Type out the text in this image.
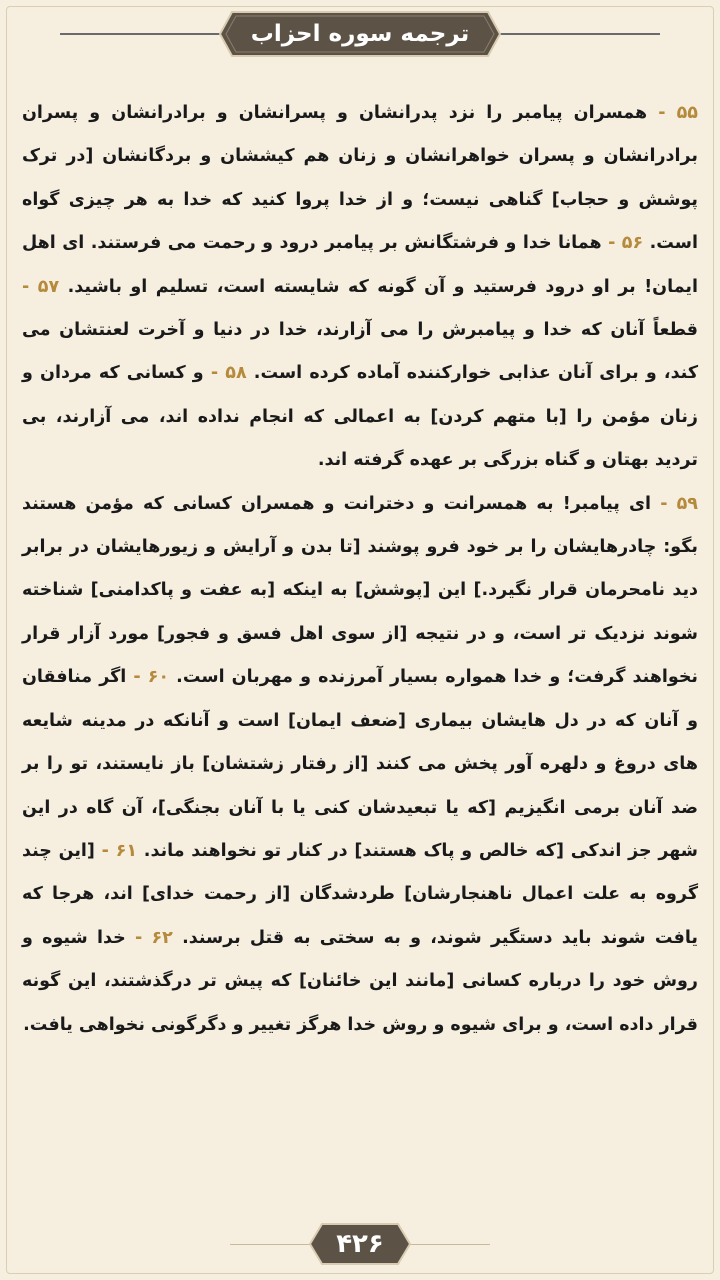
ترجمه سوره احزاب
۵۵ - همسران پیامبر را نزد پدرانشان و پسرانشان و برادرانشان و پسران برادرانشان و پسران خواهرانشان و زنان هم کیششان و بردگانشان [در ترک پوشش و حجاب] گناهی نیست؛ و از خدا پروا کنید که خدا به هر چیزی گواه است. ۵۶ - همانا خدا و فرشتگانش بر پیامبر درود و رحمت می فرستند. ای اهل ایمان! بر او درود فرستید و آن گونه که شایسته است، تسلیم او باشید. ۵۷ - قطعاً آنان که خدا و پیامبرش را می آزارند، خدا در دنیا و آخرت لعنتشان می کند، و برای آنان عذابی خوارکننده آماده کرده است. ۵۸ - و کسانی که مردان و زنان مؤمن را [با متهم کردن] به اعمالی که انجام نداده اند، می آزارند، بی تردید بهتان و گناه بزرگی بر عهده گرفته اند.
۵۹ - ای پیامبر! به همسرانت و دخترانت و همسران کسانی که مؤمن هستند بگو: چادرهایشان را بر خود فرو پوشند [تا بدن و آرایش و زیورهایشان در برابر دید نامحرمان قرار نگیرد.] این [پوشش] به اینکه [به عفت و پاکدامنی] شناخته شوند نزدیک تر است، و در نتیجه [از سوی اهل فسق و فجور] مورد آزار قرار نخواهند گرفت؛ و خدا همواره بسیار آمرزنده و مهربان است. ۶۰ - اگر منافقان و آنان که در دل هایشان بیماری [ضعف ایمان] است و آنانکه در مدینه شایعه های دروغ و دلهره آور پخش می کنند [از رفتار زشتشان] باز نایستند، تو را بر ضد آنان برمی انگیزیم [که یا تبعیدشان کنی یا با آنان بجنگی]، آن گاه در این شهر جز اندکی [که خالص و پاک هستند] در کنار تو نخواهند ماند. ۶۱ - [این چند گروه به علت اعمال ناهنجارشان] طردشدگان [از رحمت خدای] اند، هرجا که یافت شوند باید دستگیر شوند، و به سختی به قتل برسند. ۶۲ - خدا شیوه و روش خود را درباره کسانی [مانند این خائنان] که پیش تر درگذشتند، این گونه قرار داده است، و برای شیوه و روش خدا هرگز تغییر و دگرگونی نخواهی یافت.
۴۲۶
